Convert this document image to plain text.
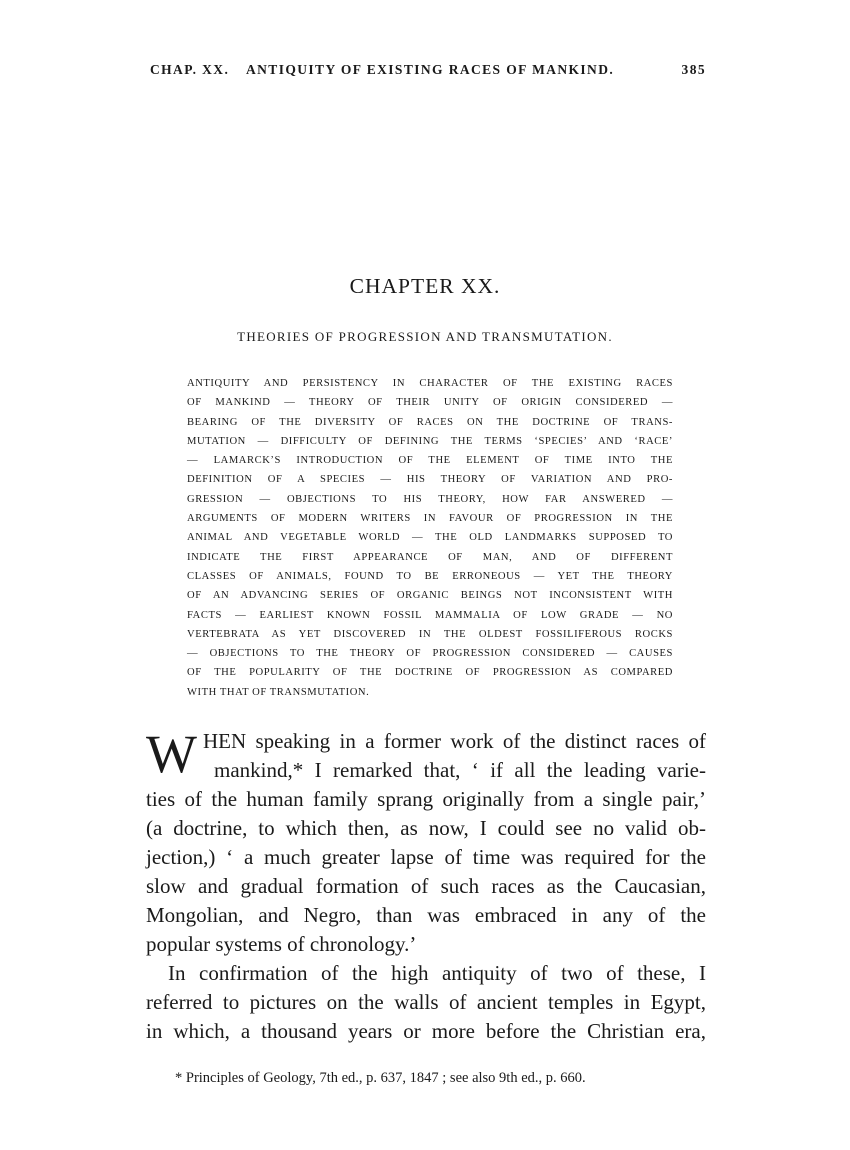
CHAP. XX. ANTIQUITY OF EXISTING RACES OF MANKIND.	385
CHAPTER XX.
THEORIES OF PROGRESSION AND TRANSMUTATION.
ANTIQUITY AND PERSISTENCY IN CHARACTER OF THE EXISTING RACES
OF MANKIND — THEORY OF THEIR UNITY OF ORIGIN CONSIDERED —
BEARING OF THE DIVERSITY OF RACES ON THE DOCTRINE OF TRANS-
MUTATION — DIFFICULTY OF DEFINING THE TERMS ‘SPECIES’ AND ‘RACE’
— LAMARCK’S INTRODUCTION OF THE ELEMENT OF TIME INTO THE
DEFINITION OF A SPECIES — HIS THEORY OF VARIATION AND PRO-
GRESSION — OBJECTIONS TO HIS THEORY, HOW FAR ANSWERED —
ARGUMENTS OF MODERN WRITERS IN FAVOUR OF PROGRESSION IN THE
ANIMAL AND VEGETABLE WORLD — THE OLD LANDMARKS SUPPOSED TO
INDICATE THE FIRST APPEARANCE OF MAN, AND OF DIFFERENT
CLASSES OF ANIMALS, FOUND TO BE ERRONEOUS — YET THE THEORY
OF AN ADVANCING SERIES OF ORGANIC BEINGS NOT INCONSISTENT WITH
FACTS — EARLIEST KNOWN FOSSIL MAMMALIA OF LOW GRADE — NO
VERTEBRATA AS YET DISCOVERED IN THE OLDEST FOSSILIFEROUS ROCKS
— OBJECTIONS TO THE THEORY OF PROGRESSION CONSIDERED — CAUSES
OF THE POPULARITY OF THE DOCTRINE OF PROGRESSION AS COMPARED
WITH THAT OF TRANSMUTATION.
W HEN speaking in a former work of the distinct races of
mankind,* I remarked that, ‘ if all the leading varie-
ties of the human family sprang originally from a single pair,’
(a doctrine, to which then, as now, I could see no valid ob-
jection,) ‘ a much greater lapse of time was required for the
slow and gradual formation of such races as the Caucasian,
Mongolian, and Negro, than was embraced in any of the
popular systems of chronology.’
In confirmation of the high antiquity of two of these, I
referred to pictures on the walls of ancient temples in Egypt,
in which, a thousand years or more before the Christian era,
* Principles of Geology, 7th ed., p. 637, 1847 ; see also 9th ed., p. 660.
